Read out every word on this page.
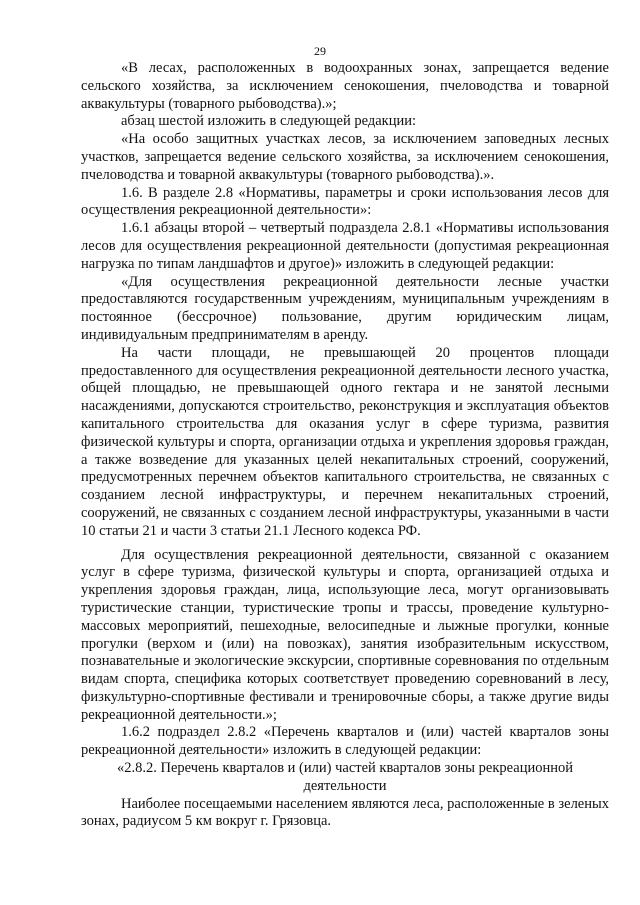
29

«В лесах, расположенных в водоохранных зонах, запрещается ведение сельского хозяйства, за исключением сенокошения, пчеловодства и товарной аквакультуры (товарного рыбоводства).»;

абзац шестой изложить в следующей редакции:

«На особо защитных участках лесов, за исключением заповедных лесных участков, запрещается ведение сельского хозяйства, за исключением сенокошения, пчеловодства и товарной аквакультуры (товарного рыбоводства).».

1.6. В разделе 2.8 «Нормативы, параметры и сроки использования лесов для осуществления рекреационной деятельности»:

1.6.1 абзацы второй – четвертый подраздела 2.8.1 «Нормативы использования лесов для осуществления рекреационной деятельности (допустимая рекреационная нагрузка по типам ландшафтов и другое)» изложить в следующей редакции:

«Для осуществления рекреационной деятельности лесные участки предоставляются государственным учреждениям, муниципальным учреждениям в постоянное (бессрочное) пользование, другим юридическим лицам, индивидуальным предпринимателям в аренду.

На части площади, не превышающей 20 процентов площади предоставленного для осуществления рекреационной деятельности лесного участка, общей площадью, не превышающей одного гектара и не занятой лесными насаждениями, допускаются строительство, реконструкция и эксплуатация объектов капитального строительства для оказания услуг в сфере туризма, развития физической культуры и спорта, организации отдыха и укрепления здоровья граждан, а также возведение для указанных целей некапитальных строений, сооружений, предусмотренных перечнем объектов капитального строительства, не связанных с созданием лесной инфраструктуры, и перечнем некапитальных строений, сооружений, не связанных с созданием лесной инфраструктуры, указанными в части 10 статьи 21 и части 3 статьи 21.1 Лесного кодекса РФ.

Для осуществления рекреационной деятельности, связанной с оказанием услуг в сфере туризма, физической культуры и спорта, организацией отдыха и укрепления здоровья граждан, лица, использующие леса, могут организовывать туристические станции, туристические тропы и трассы, проведение культурно-массовых мероприятий, пешеходные, велосипедные и лыжные прогулки, конные прогулки (верхом и (или) на повозках), занятия изобразительным искусством, познавательные и экологические экскурсии, спортивные соревнования по отдельным видам спорта, специфика которых соответствует проведению соревнований в лесу, физкультурно-спортивные фестивали и тренировочные сборы, а также другие виды рекреационной деятельности.»;

1.6.2 подраздел 2.8.2 «Перечень кварталов и (или) частей кварталов зоны рекреационной деятельности» изложить в следующей редакции:

«2.8.2. Перечень кварталов и (или) частей кварталов зоны рекреационной деятельности

Наиболее посещаемыми населением являются леса, расположенные в зеленых зонах, радиусом 5 км вокруг г. Грязовца.
